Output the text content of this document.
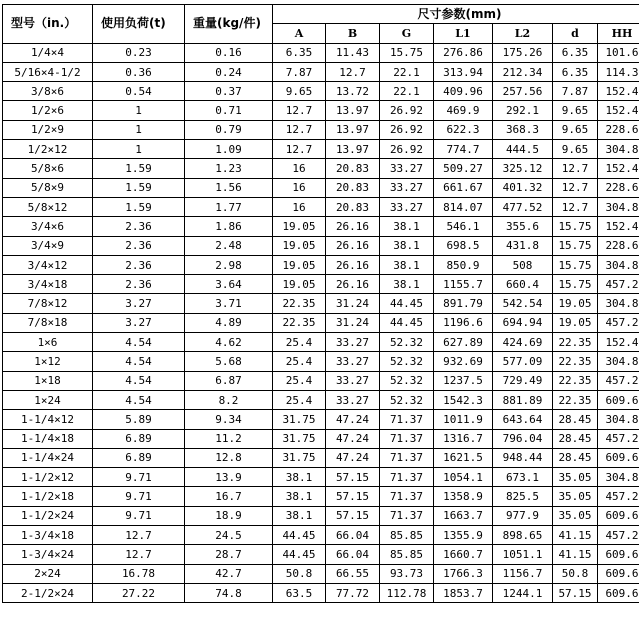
型号（in.）	使用负荷(t)	重量(kg/件)	尺寸参数(mm)						
			A	B	G	L1	L2	d	HH
1/4×4	0.23	0.16	6.35	11.43	15.75	276.86	175.26	6.35	101.6
5/16×4-1/2	0.36	0.24	7.87	12.7	22.1	313.94	212.34	6.35	114.3
3/8×6	0.54	0.37	9.65	13.72	22.1	409.96	257.56	7.87	152.4
1/2×6	1	0.71	12.7	13.97	26.92	469.9	292.1	9.65	152.4
1/2×9	1	0.79	12.7	13.97	26.92	622.3	368.3	9.65	228.6
1/2×12	1	1.09	12.7	13.97	26.92	774.7	444.5	9.65	304.8
5/8×6	1.59	1.23	16	20.83	33.27	509.27	325.12	12.7	152.4
5/8×9	1.59	1.56	16	20.83	33.27	661.67	401.32	12.7	228.6
5/8×12	1.59	1.77	16	20.83	33.27	814.07	477.52	12.7	304.8
3/4×6	2.36	1.86	19.05	26.16	38.1	546.1	355.6	15.75	152.4
3/4×9	2.36	2.48	19.05	26.16	38.1	698.5	431.8	15.75	228.6
3/4×12	2.36	2.98	19.05	26.16	38.1	850.9	508	15.75	304.8
3/4×18	2.36	3.64	19.05	26.16	38.1	1155.7	660.4	15.75	457.2
7/8×12	3.27	3.71	22.35	31.24	44.45	891.79	542.54	19.05	304.8
7/8×18	3.27	4.89	22.35	31.24	44.45	1196.6	694.94	19.05	457.2
1×6	4.54	4.62	25.4	33.27	52.32	627.89	424.69	22.35	152.4
1×12	4.54	5.68	25.4	33.27	52.32	932.69	577.09	22.35	304.8
1×18	4.54	6.87	25.4	33.27	52.32	1237.5	729.49	22.35	457.2
1×24	4.54	8.2	25.4	33.27	52.32	1542.3	881.89	22.35	609.6
1-1/4×12	5.89	9.34	31.75	47.24	71.37	1011.9	643.64	28.45	304.8
1-1/4×18	6.89	11.2	31.75	47.24	71.37	1316.7	796.04	28.45	457.2
1-1/4×24	6.89	12.8	31.75	47.24	71.37	1621.5	948.44	28.45	609.6
1-1/2×12	9.71	13.9	38.1	57.15	71.37	1054.1	673.1	35.05	304.8
1-1/2×18	9.71	16.7	38.1	57.15	71.37	1358.9	825.5	35.05	457.2
1-1/2×24	9.71	18.9	38.1	57.15	71.37	1663.7	977.9	35.05	609.6
1-3/4×18	12.7	24.5	44.45	66.04	85.85	1355.9	898.65	41.15	457.2
1-3/4×24	12.7	28.7	44.45	66.04	85.85	1660.7	1051.1	41.15	609.6
2×24	16.78	42.7	50.8	66.55	93.73	1766.3	1156.7	50.8	609.6
2-1/2×24	27.22	74.8	63.5	77.72	112.78	1853.7	1244.1	57.15	609.6
